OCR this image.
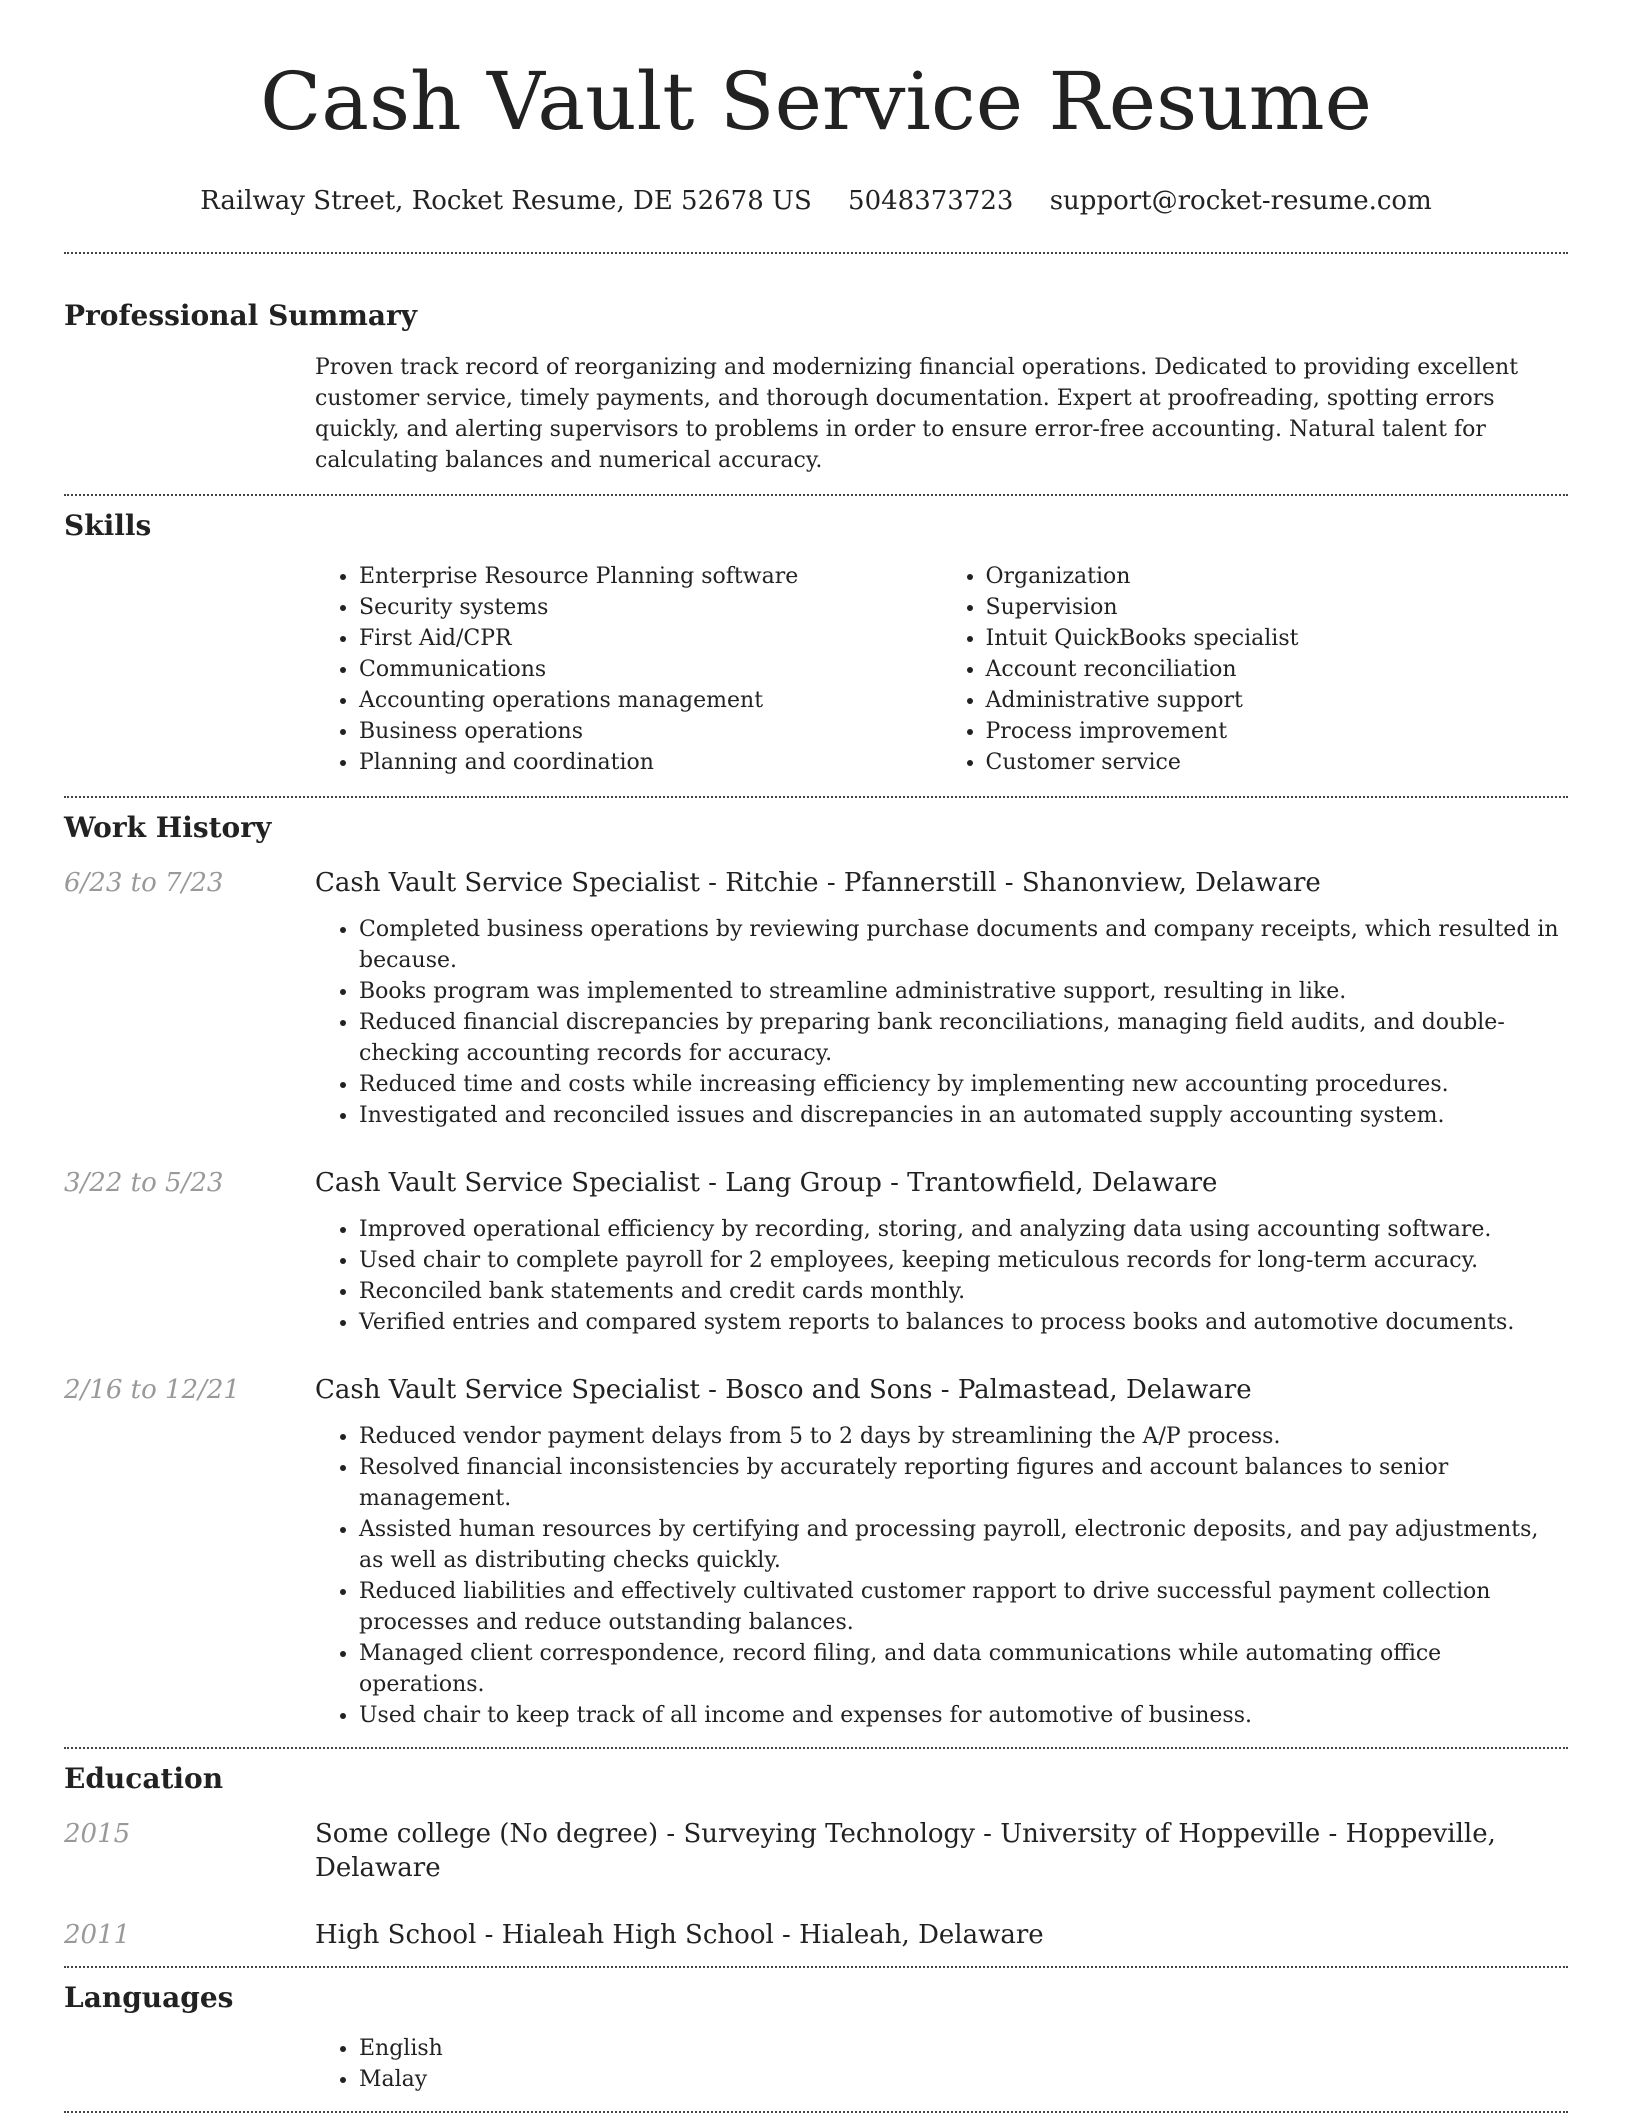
Cash Vault Service Resume
Railway Street, Rocket Resume, DE 52678 US 5048373723 support@rocket-resume.com
Professional Summary
Proven track record of reorganizing and modernizing financial operations. Dedicated to providing excellent customer service, timely payments, and thorough documentation. Expert at proofreading, spotting errors quickly, and alerting supervisors to problems in order to ensure error-free accounting. Natural talent for calculating balances and numerical accuracy.
Skills
• Enterprise Resource Planning software
• Security systems
• First Aid/CPR
• Communications
• Accounting operations management
• Business operations
• Planning and coordination
• Organization
• Supervision
• Intuit QuickBooks specialist
• Account reconciliation
• Administrative support
• Process improvement
• Customer service
Work History
6/23 to 7/23	Cash Vault Service Specialist - Ritchie - Pfannerstill - Shanonview, Delaware
• Completed business operations by reviewing purchase documents and company receipts, which resulted in because.
• Books program was implemented to streamline administrative support, resulting in like.
• Reduced financial discrepancies by preparing bank reconciliations, managing field audits, and double-checking accounting records for accuracy.
• Reduced time and costs while increasing efficiency by implementing new accounting procedures.
• Investigated and reconciled issues and discrepancies in an automated supply accounting system.
3/22 to 5/23	Cash Vault Service Specialist - Lang Group - Trantowfield, Delaware
• Improved operational efficiency by recording, storing, and analyzing data using accounting software.
• Used chair to complete payroll for 2 employees, keeping meticulous records for long-term accuracy.
• Reconciled bank statements and credit cards monthly.
• Verified entries and compared system reports to balances to process books and automotive documents.
2/16 to 12/21	Cash Vault Service Specialist - Bosco and Sons - Palmastead, Delaware
• Reduced vendor payment delays from 5 to 2 days by streamlining the A/P process.
• Resolved financial inconsistencies by accurately reporting figures and account balances to senior management.
• Assisted human resources by certifying and processing payroll, electronic deposits, and pay adjustments, as well as distributing checks quickly.
• Reduced liabilities and effectively cultivated customer rapport to drive successful payment collection processes and reduce outstanding balances.
• Managed client correspondence, record filing, and data communications while automating office operations.
• Used chair to keep track of all income and expenses for automotive of business.
Education
2015	Some college (No degree) - Surveying Technology - University of Hoppeville - Hoppeville, Delaware
2011	High School - Hialeah High School - Hialeah, Delaware
Languages
• English
• Malay
